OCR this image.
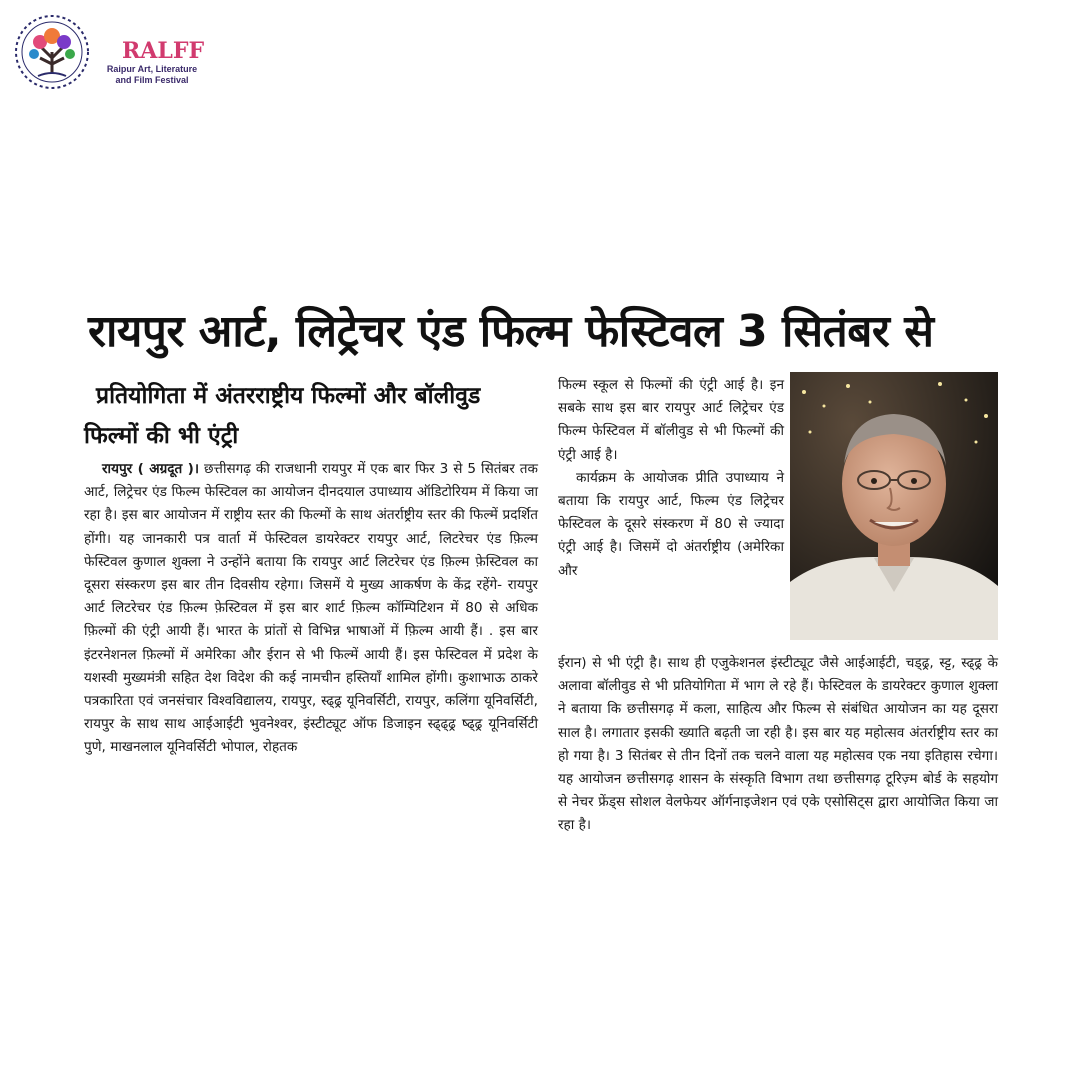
RALFF
Raipur Art, Literature and Film Festival
रायपुर आर्ट, लिट्रेचर एंड फिल्म फेस्टिवल 3 सितंबर से
प्रतियोगिता में अंतरराष्ट्रीय फिल्मों और बॉलीवुड
फिल्मों की भी एंट्री

रायपुर ( अग्रदूत )। छत्तीसगढ़ की राजधानी रायपुर में एक बार फिर 3 से 5 सितंबर तक आर्ट, लिट्रेचर एंड फिल्म फेस्टिवल का आयोजन दीनदयाल उपाध्याय ऑडिटोरियम में किया जा रहा है। इस बार आयोजन में राष्ट्रीय स्तर की फिल्मों के साथ अंतर्राष्ट्रीय स्तर की फिल्में प्रदर्शित होंगी। यह जानकारी पत्र वार्ता में फेस्टिवल डायरेक्टर रायपुर आर्ट, लिटरेचर एंड फ़िल्म फेस्टिवल कुणाल शुक्ला ने उन्होंने बताया कि रायपुर आर्ट लिटरेचर एंड फ़िल्म फ़ेस्टिवल का दूसरा संस्करण इस बार तीन दिवसीय रहेगा। जिसमें ये मुख्य आकर्षण के केंद्र रहेंगे- रायपुर आर्ट लिटरेचर एंड फ़िल्म फ़ेस्टिवल में इस बार शार्ट फ़िल्म कॉम्पिटिशन में 80 से अधिक फ़िल्मों की एंट्री आयी हैं। भारत के प्रांतों से विभिन्न भाषाओं में फ़िल्म आयी हैं। . इस बार इंटरनेशनल फ़िल्मों में अमेरिका और ईरान से भी फिल्में आयी हैं। इस फेस्टिवल में प्रदेश के यशस्वी मुख्यमंत्री सहित देश विदेश की कई नामचीन हस्तियाँ शामिल होंगी। कुशाभाऊ ठाकरे पत्रकारिता एवं जनसंचार विश्वविद्यालय, रायपुर, स्ढ्ढ्र यूनिवर्सिटी, रायपुर, कलिंगा यूनिवर्सिटी, रायपुर के साथ साथ आईआईटी भुवनेश्वर, इंस्टीट्यूट ऑफ डिजाइन स्ढ्ढ्ढ्र ष्ढ्ढ्र यूनिवर्सिटी पुणे, माखनलाल यूनिवर्सिटी भोपाल, रोहतक

फिल्म स्कूल से फिल्मों की एंट्री आई है। इन सबके साथ इस बार रायपुर आर्ट लिट्रेचर एंड फिल्म फेस्टिवल में बॉलीवुड से भी फिल्मों की एंट्री आई है।

कार्यक्रम के आयोजक प्रीति उपाध्याय ने बताया कि रायपुर आर्ट, फिल्म एंड लिट्रेचर फेस्टिवल के दूसरे संस्करण में 80 से ज्यादा एंट्री आई है। जिसमें दो अंतर्राष्ट्रीय (अमेरिका और

ईरान) से भी एंट्री है। साथ ही एजुकेशनल इंस्टीट्यूट जैसे आईआईटी, चड्ढ्र, स्ट्ट, स्ढ्ढ्र के अलावा बॉलीवुड से भी प्रतियोगिता में भाग ले रहे हैं। फेस्टिवल के डायरेक्टर कुणाल शुक्ला ने बताया कि छत्तीसगढ़ में कला, साहित्य और फिल्म से संबंधित आयोजन का यह दूसरा साल है। लगातार इसकी ख्याति बढ़ती जा रही है। इस बार यह महोत्सव अंतर्राष्ट्रीय स्तर का हो गया है। 3 सितंबर से तीन दिनों तक चलने वाला यह महोत्सव एक नया इतिहास रचेगा। यह आयोजन छत्तीसगढ़ शासन के संस्कृति विभाग तथा छत्तीसगढ़ टूरिज़्म बोर्ड के सहयोग से नेचर फ्रेंड्स सोशल वेलफेयर ऑर्गनाइजेशन एवं एके एसोसिट्स द्वारा आयोजित किया जा रहा है।
